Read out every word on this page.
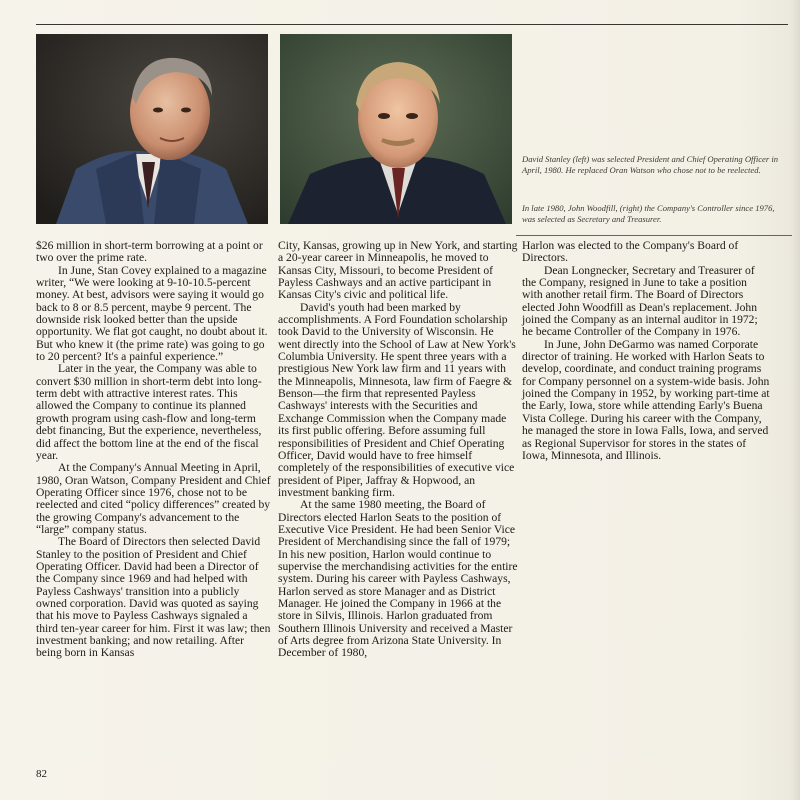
David Stanley (left) was selected President and Chief Operating Officer in April, 1980. He replaced Oran Watson who chose not to be reelected.

In late 1980, John Woodfill, (right) the Company's Controller since 1976, was selected as Secretary and Treasurer.

$26 million in short-term borrowing at a point or two over the prime rate.

In June, Stan Covey explained to a magazine writer, “We were looking at 9-10-10.5-percent money. At best, advisors were saying it would go back to 8 or 8.5 percent, maybe 9 percent. The downside risk looked better than the upside opportunity. We flat got caught, no doubt about it. But who knew it (the prime rate) was going to go to 20 percent? It's a painful experience.”

Later in the year, the Company was able to convert $30 million in short-term debt into long-term debt with attractive interest rates. This allowed the Company to continue its planned growth program using cash-flow and long-term debt financing, But the experience, nevertheless, did affect the bottom line at the end of the fiscal year.

At the Company's Annual Meeting in April, 1980, Oran Watson, Company President and Chief Operating Officer since 1976, chose not to be reelected and cited “policy differences” created by the growing Company's advancement to the “large” company status.

The Board of Directors then selected David Stanley to the position of President and Chief Operating Officer. David had been a Director of the Company since 1969 and had helped with Payless Cashways' transition into a publicly owned corporation. David was quoted as saying that his move to Payless Cashways signaled a third ten-year career for him. First it was law; then investment banking; and now retailing. After being born in Kansas

City, Kansas, growing up in New York, and starting a 20-year career in Minneapolis, he moved to Kansas City, Missouri, to become President of Payless Cashways and an active participant in Kansas City's civic and political life.

David's youth had been marked by accomplishments. A Ford Foundation scholarship took David to the University of Wisconsin. He went directly into the School of Law at New York's Columbia University. He spent three years with a prestigious New York law firm and 11 years with the Minneapolis, Minnesota, law firm of Faegre & Benson—the firm that represented Payless Cashways' interests with the Securities and Exchange Commission when the Company made its first public offering. Before assuming full responsibilities of President and Chief Operating Officer, David would have to free himself completely of the responsibilities of executive vice president of Piper, Jaffray & Hopwood, an investment banking firm.

At the same 1980 meeting, the Board of Directors elected Harlon Seats to the position of Executive Vice President. He had been Senior Vice President of Merchandising since the fall of 1979; In his new position, Harlon would continue to supervise the merchandising activities for the entire system. During his career with Payless Cashways, Harlon served as store Manager and as District Manager. He joined the Company in 1966 at the store in Silvis, Illinois. Harlon graduated from Southern Illinois University and received a Master of Arts degree from Arizona State University. In December of 1980,

Harlon was elected to the Company's Board of Directors.

Dean Longnecker, Secretary and Treasurer of the Company, resigned in June to take a position with another retail firm. The Board of Directors elected John Woodfill as Dean's replacement. John joined the Company as an internal auditor in 1972; he became Controller of the Company in 1976.

In June, John DeGarmo was named Corporate director of training. He worked with Harlon Seats to develop, coordinate, and conduct training programs for Company personnel on a system-wide basis. John joined the Company in 1952, by working part-time at the Early, Iowa, store while attending Early's Buena Vista College. During his career with the Company, he managed the store in Iowa Falls, Iowa, and served as Regional Supervisor for stores in the states of Iowa, Minnesota, and Illinois.

82
